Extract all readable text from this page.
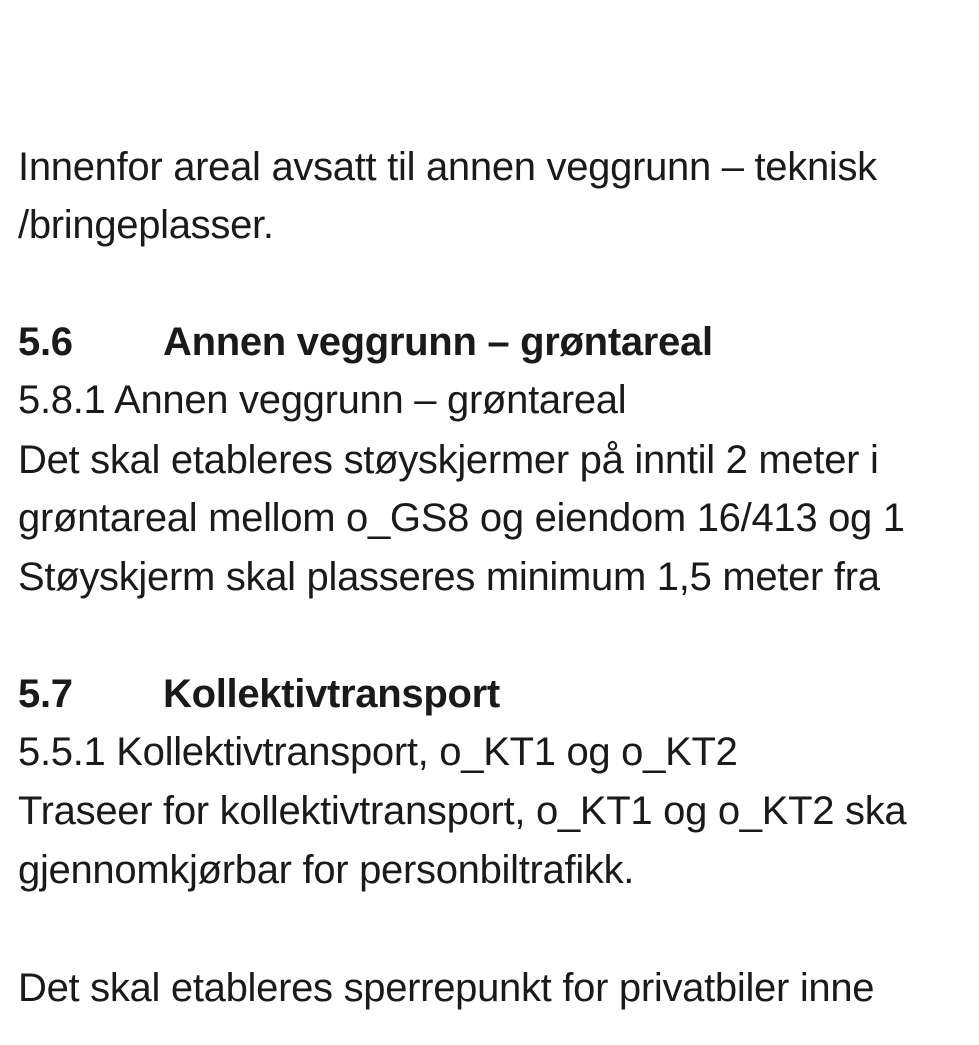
Innenfor areal avsatt til annen veggrunn – teknisk
/bringeplasser.
5.6 Annen veggrunn – grøntareal
5.8.1 Annen veggrunn – grøntareal
Det skal etableres støyskjermer på inntil 2 meter i
grøntareal mellom o_GS8 og eiendom 16/413 og 1
Støyskjerm skal plasseres minimum 1,5 meter fra
5.7 Kollektivtransport
5.5.1 Kollektivtransport, o_KT1 og o_KT2
Traseer for kollektivtransport, o_KT1 og o_KT2 ska
gjennomkjørbar for personbiltrafikk.
Det skal etableres sperrepunkt for privatbiler inne
